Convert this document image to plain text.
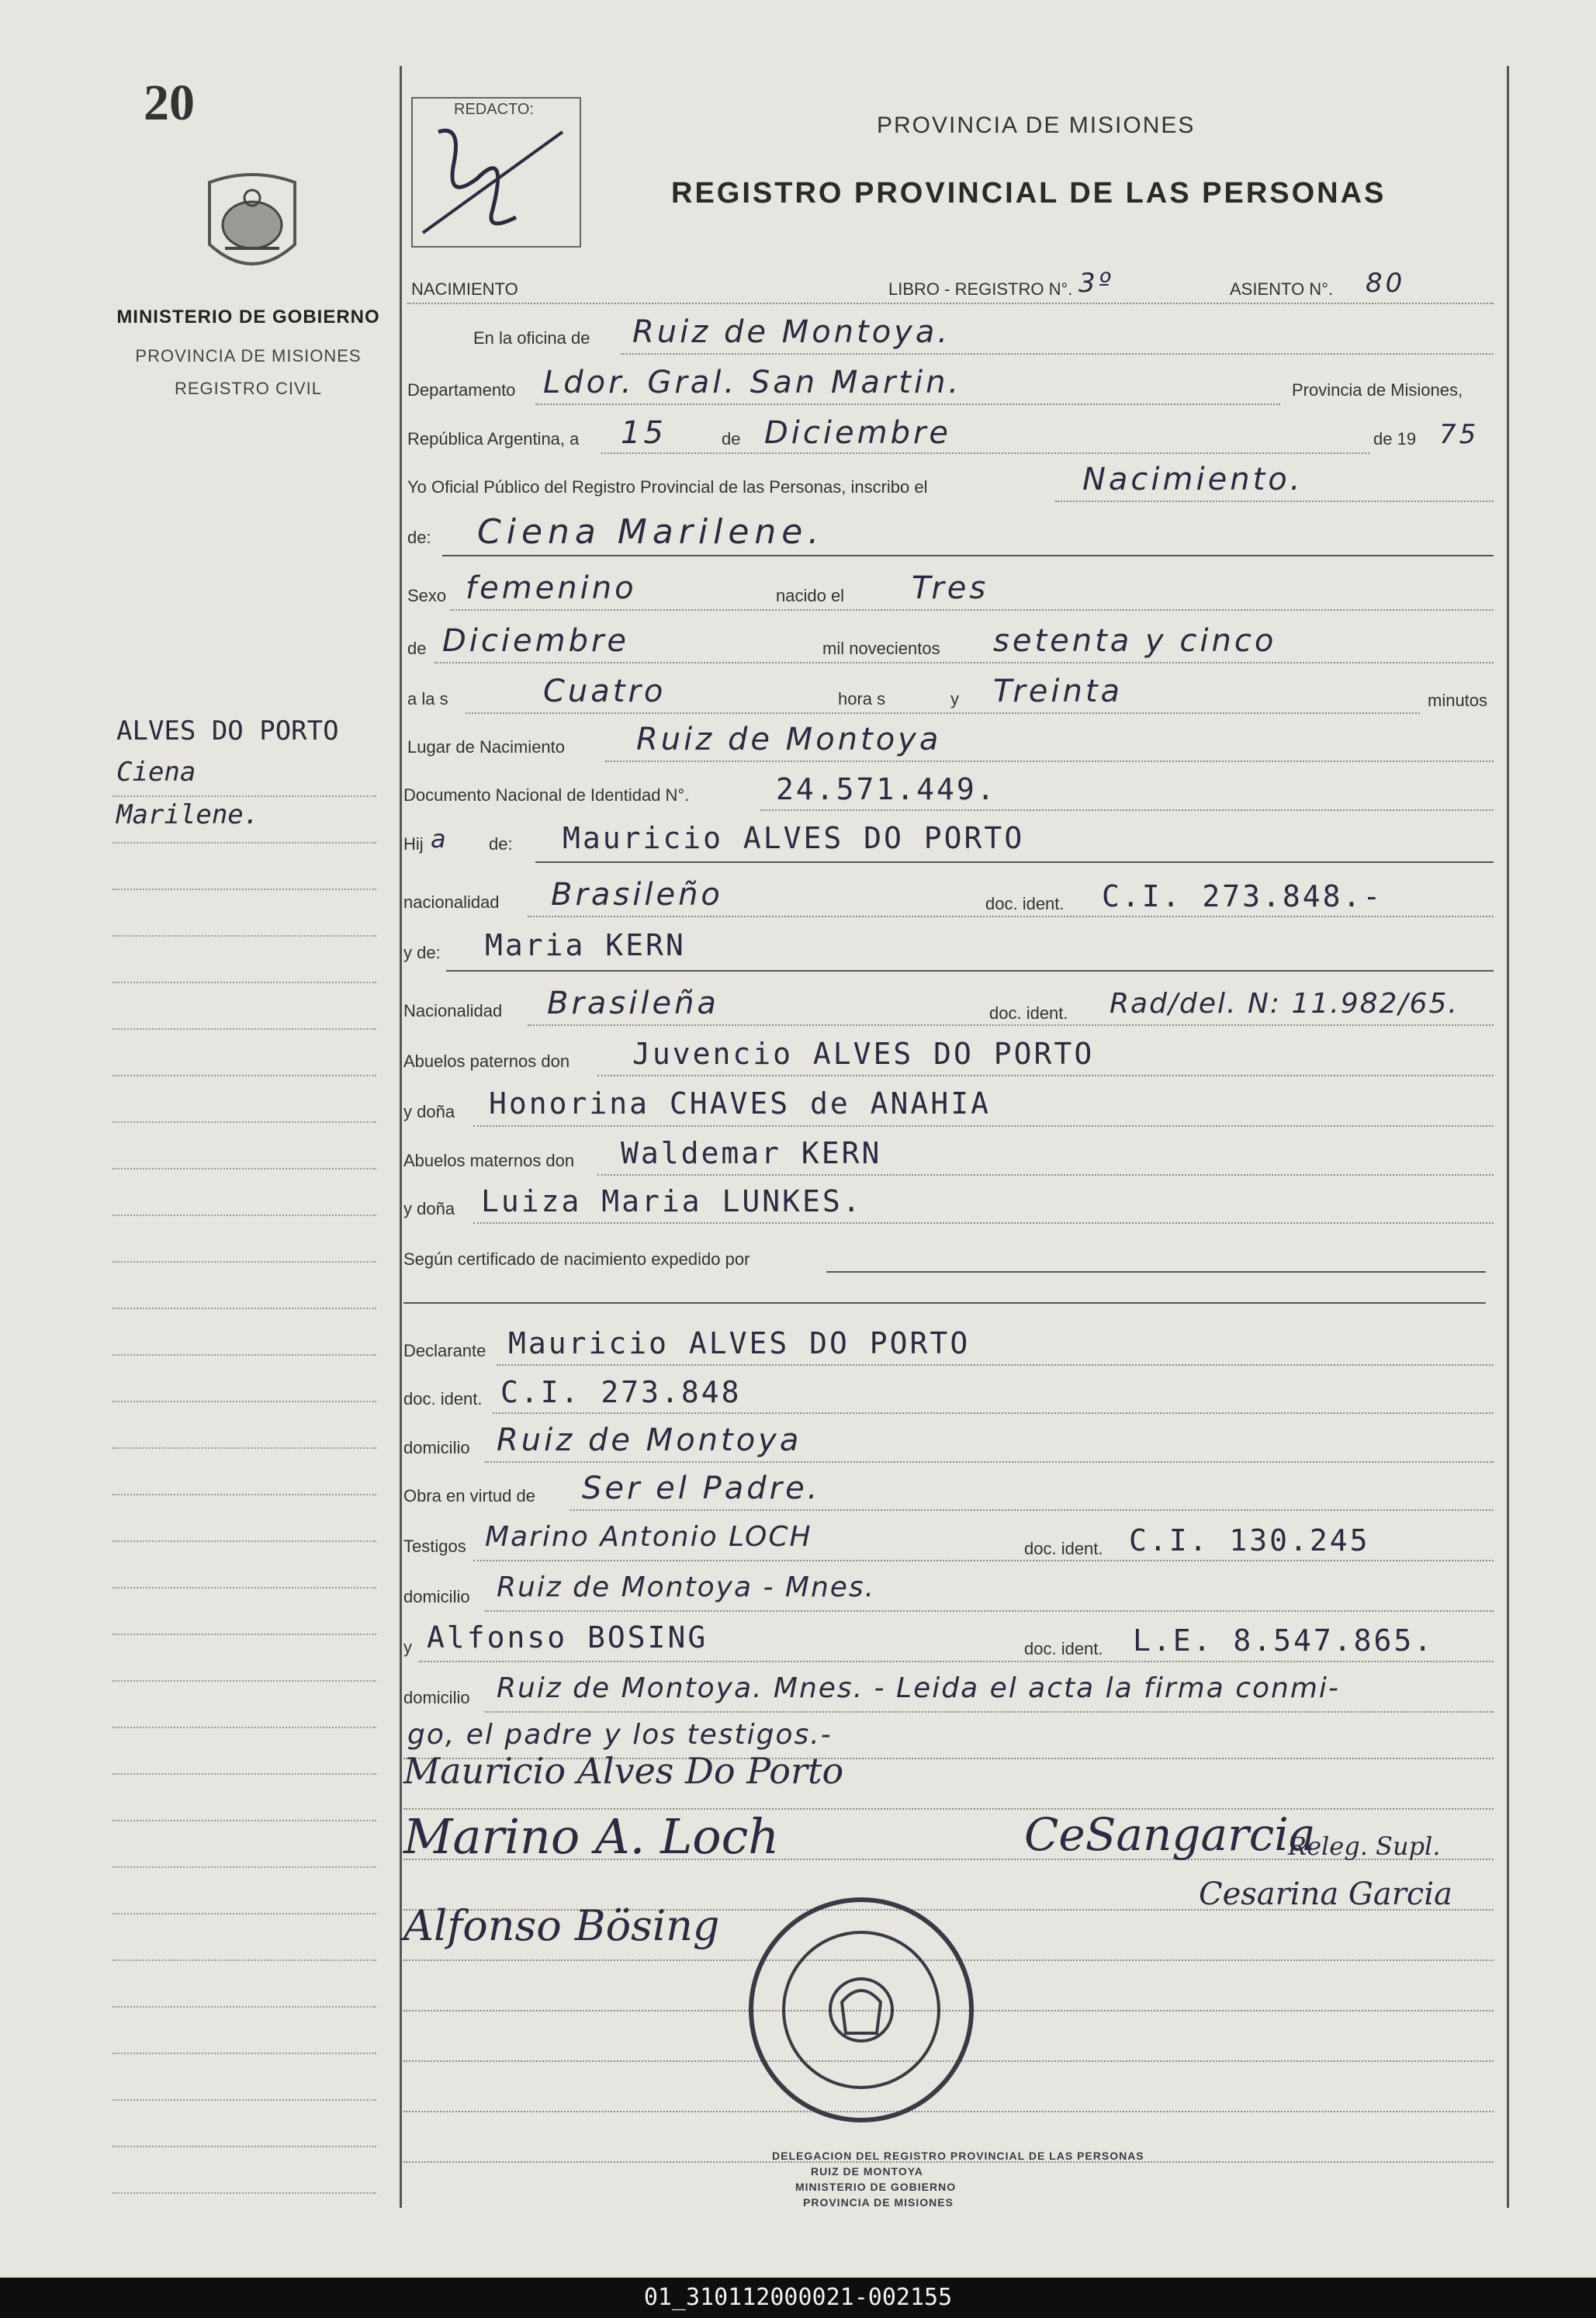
20
MINISTERIO DE GOBIERNO
PROVINCIA DE MISIONES
REGISTRO CIVIL
ALVES DO PORTO
Ciena
Marilene.
REDACTO:
PROVINCIA DE MISIONES
REGISTRO PROVINCIAL DE LAS PERSONAS
NACIMIENTO	LIBRO - REGISTRO N°. 3º	ASIENTO N°. 80
En la oficina de Ruiz de Montoya.
Departamento Ldor. Gral. San Martin.	Provincia de Misiones,
República Argentina, a 15	de Diciembre	de 19 75
Yo Oficial Público del Registro Provincial de las Personas, inscribo el	Nacimiento.
de: Ciena Marilene.
Sexo femenino	nacido el Tres
de Diciembre	mil novecientos setenta y cinco
a la s	Cuatro	hora s	y Treinta	minutos
Lugar de Nacimiento Ruiz de Montoya
Documento Nacional de Identidad N°.	24.571.449.
Hij a de: Mauricio ALVES DO PORTO
nacionalidad Brasileño	doc. ident. C.I. 273.848.-
y de: Maria KERN
Nacionalidad Brasileña	doc. ident. Rad/del. N: 11.982/65.
Abuelos paternos don Juvencio ALVES DO PORTO
y doña Honorina CHAVES de ANAHIA
Abuelos maternos don Waldemar KERN
y doña Luiza Maria LUNKES.
Según certificado de nacimiento expedido por
Declarante Mauricio ALVES DO PORTO
doc. ident. C.I. 273.848
domicilio Ruiz de Montoya
Obra en virtud de Ser el Padre.
Testigos Marino Antonio LOCH	doc. ident. C.I. 130.245
domicilio Ruiz de Montoya - Mnes.
y Alfonso BOSING	doc. ident. L.E. 8.547.865.
domicilio Ruiz de Montoya. Mnes. - Leida el acta la firma conmi-
go, el padre y los testigos.-
Mauricio Alves Do Porto
Marino A. Loch
Alfonso Bösing
CeSangarcia
Releg. Supl.
Cesarina Garcia
DELEGACION DEL REGISTRO PROVINCIAL DE LAS PERSONAS
RUIZ DE MONTOYA
MINISTERIO DE GOBIERNO
PROVINCIA DE MISIONES
01_310112000021-002155
